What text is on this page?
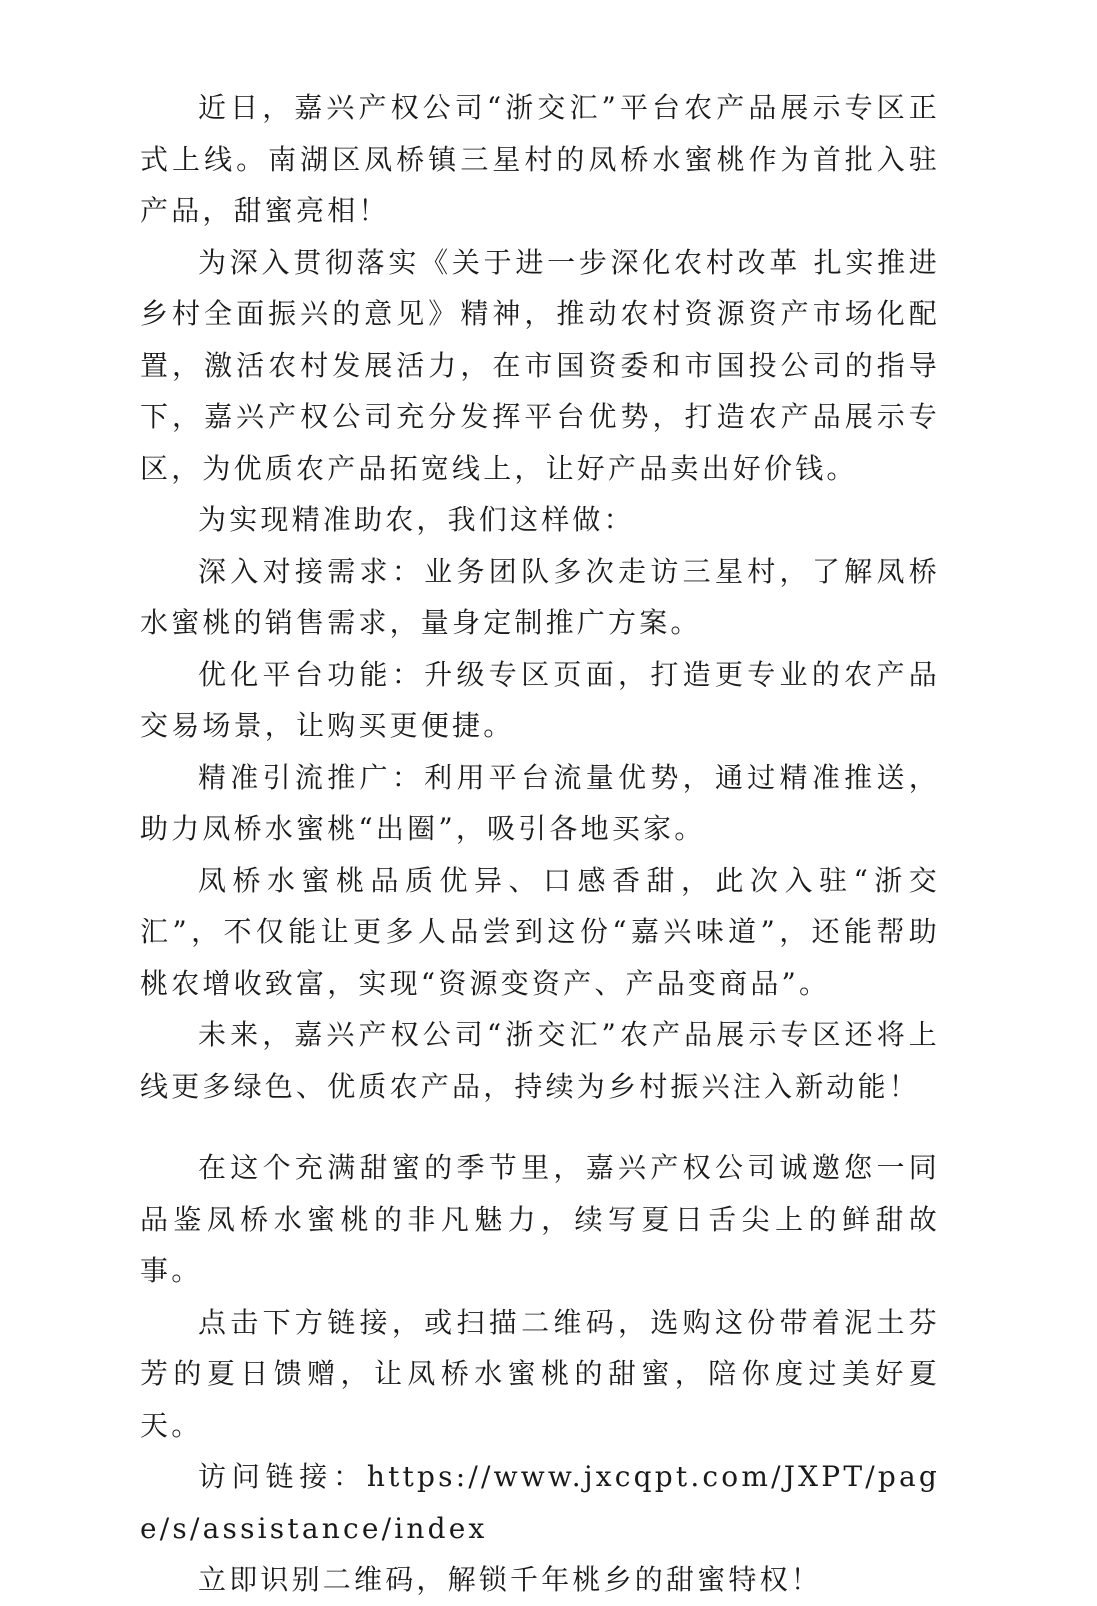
近日，嘉兴产权公司“浙交汇”平台农产品展示专区正式上线。南湖区凤桥镇三星村的凤桥水蜜桃作为首批入驻产品，甜蜜亮相！

为深入贯彻落实《关于进一步深化农村改革 扎实推进乡村全面振兴的意见》精神，推动农村资源资产市场化配置，激活农村发展活力，在市国资委和市国投公司的指导下，嘉兴产权公司充分发挥平台优势，打造农产品展示专区，为优质农产品拓宽线上，让好产品卖出好价钱。

为实现精准助农，我们这样做：

深入对接需求：业务团队多次走访三星村，了解凤桥水蜜桃的销售需求，量身定制推广方案。

优化平台功能：升级专区页面，打造更专业的农产品交易场景，让购买更便捷。

精准引流推广：利用平台流量优势，通过精准推送，助力凤桥水蜜桃“出圈”，吸引各地买家。

凤桥水蜜桃品质优异、口感香甜，此次入驻“浙交汇”，不仅能让更多人品尝到这份“嘉兴味道”，还能帮助桃农增收致富，实现“资源变资产、产品变商品”。

未来，嘉兴产权公司“浙交汇”农产品展示专区还将上线更多绿色、优质农产品，持续为乡村振兴注入新动能！

在这个充满甜蜜的季节里，嘉兴产权公司诚邀您一同品鉴凤桥水蜜桃的非凡魅力，续写夏日舌尖上的鲜甜故事。

点击下方链接，或扫描二维码，选购这份带着泥土芬芳的夏日馈赠，让凤桥水蜜桃的甜蜜，陪你度过美好夏天。

访问链接：https://www.jxcqpt.com/JXPT/page/s/assistance/index

立即识别二维码，解锁千年桃乡的甜蜜特权！
